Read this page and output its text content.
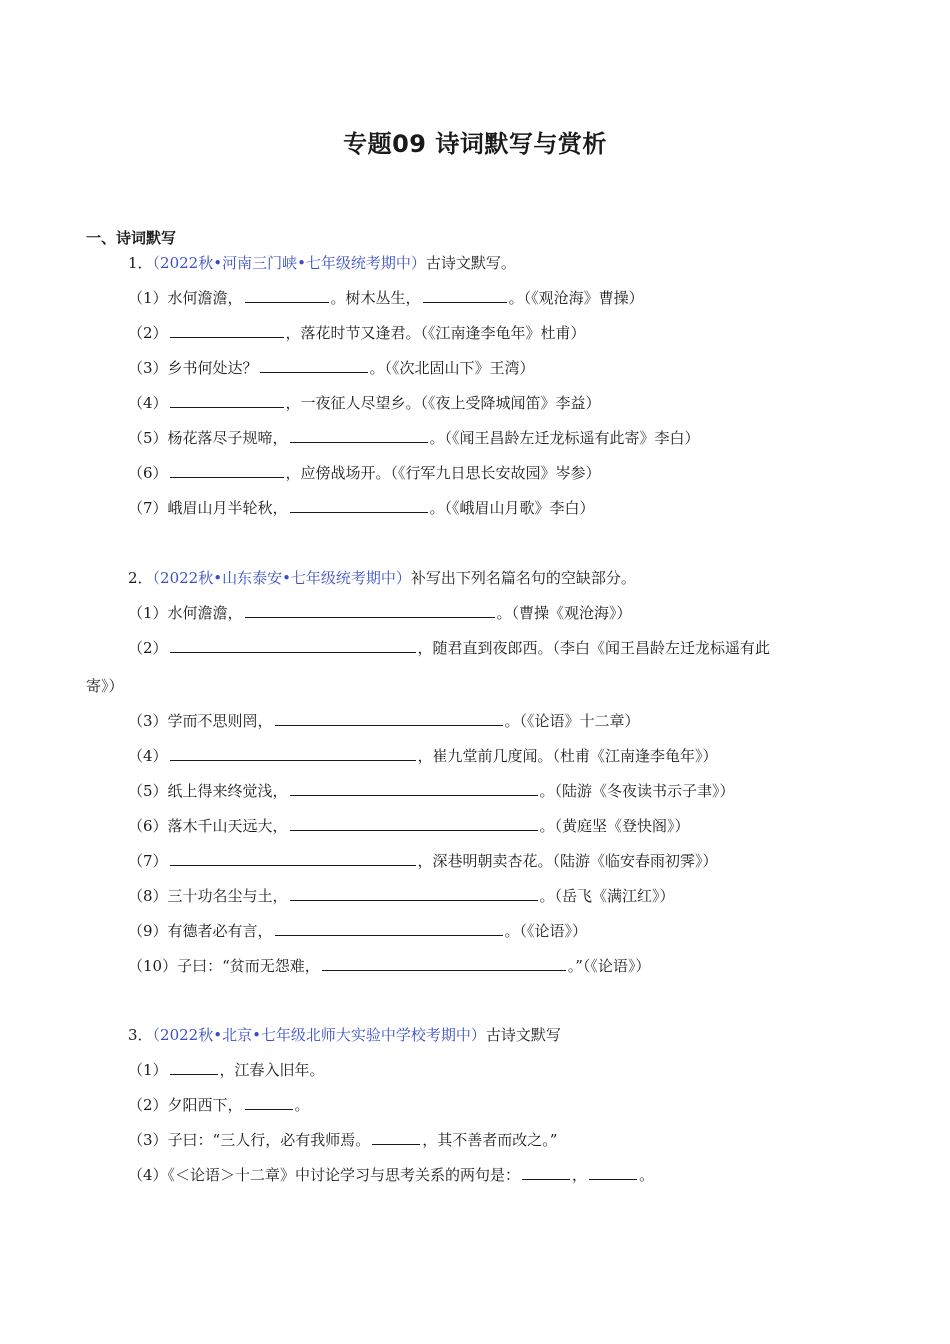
专题09 诗词默写与赏析
一、诗词默写
1．（2022秋•河南三门峡•七年级统考期中）古诗文默写。
（1）水何澹澹，	。树木丛生，	。（《观沧海》曹操）
（2）	，落花时节又逢君。（《江南逢李龟年》杜甫）
（3）乡书何处达？	。（《次北固山下》王湾）
（4）	，一夜征人尽望乡。（《夜上受降城闻笛》李益）
（5）杨花落尽子规啼，	。（《闻王昌龄左迁龙标遥有此寄》李白）
（6）	，应傍战场开。（《行军九日思长安故园》岑参）
（7）峨眉山月半轮秋，	。（《峨眉山月歌》李白）
2．（2022秋•山东泰安•七年级统考期中）补写出下列名篇名句的空缺部分。
（1）水何澹澹，	。（曹操《观沧海》）
（2）	，随君直到夜郎西。（李白《闻王昌龄左迁龙标遥有此
寄》）
（3）学而不思则罔，	。（《论语》十二章）
（4）	，崔九堂前几度闻。（杜甫《江南逢李龟年》）
（5）纸上得来终觉浅，	。（陆游《冬夜读书示子聿》）
（6）落木千山天远大，	。（黄庭坚《登快阁》）
（7）	，深巷明朝卖杏花。（陆游《临安春雨初霁》）
（8）三十功名尘与土，	。（岳飞《满江红》）
（9）有德者必有言，	。（《论语》）
（10）子曰：“贫而无怨难，	。”（《论语》）
3．（2022秋•北京•七年级北师大实验中学校考期中）古诗文默写
（1）	，江春入旧年。
（2）夕阳西下，	。
（3）子曰：“三人行，必有我师焉。	，其不善者而改之。”
（4）《＜论语＞十二章》中讨论学习与思考关系的两句是：	，	。
